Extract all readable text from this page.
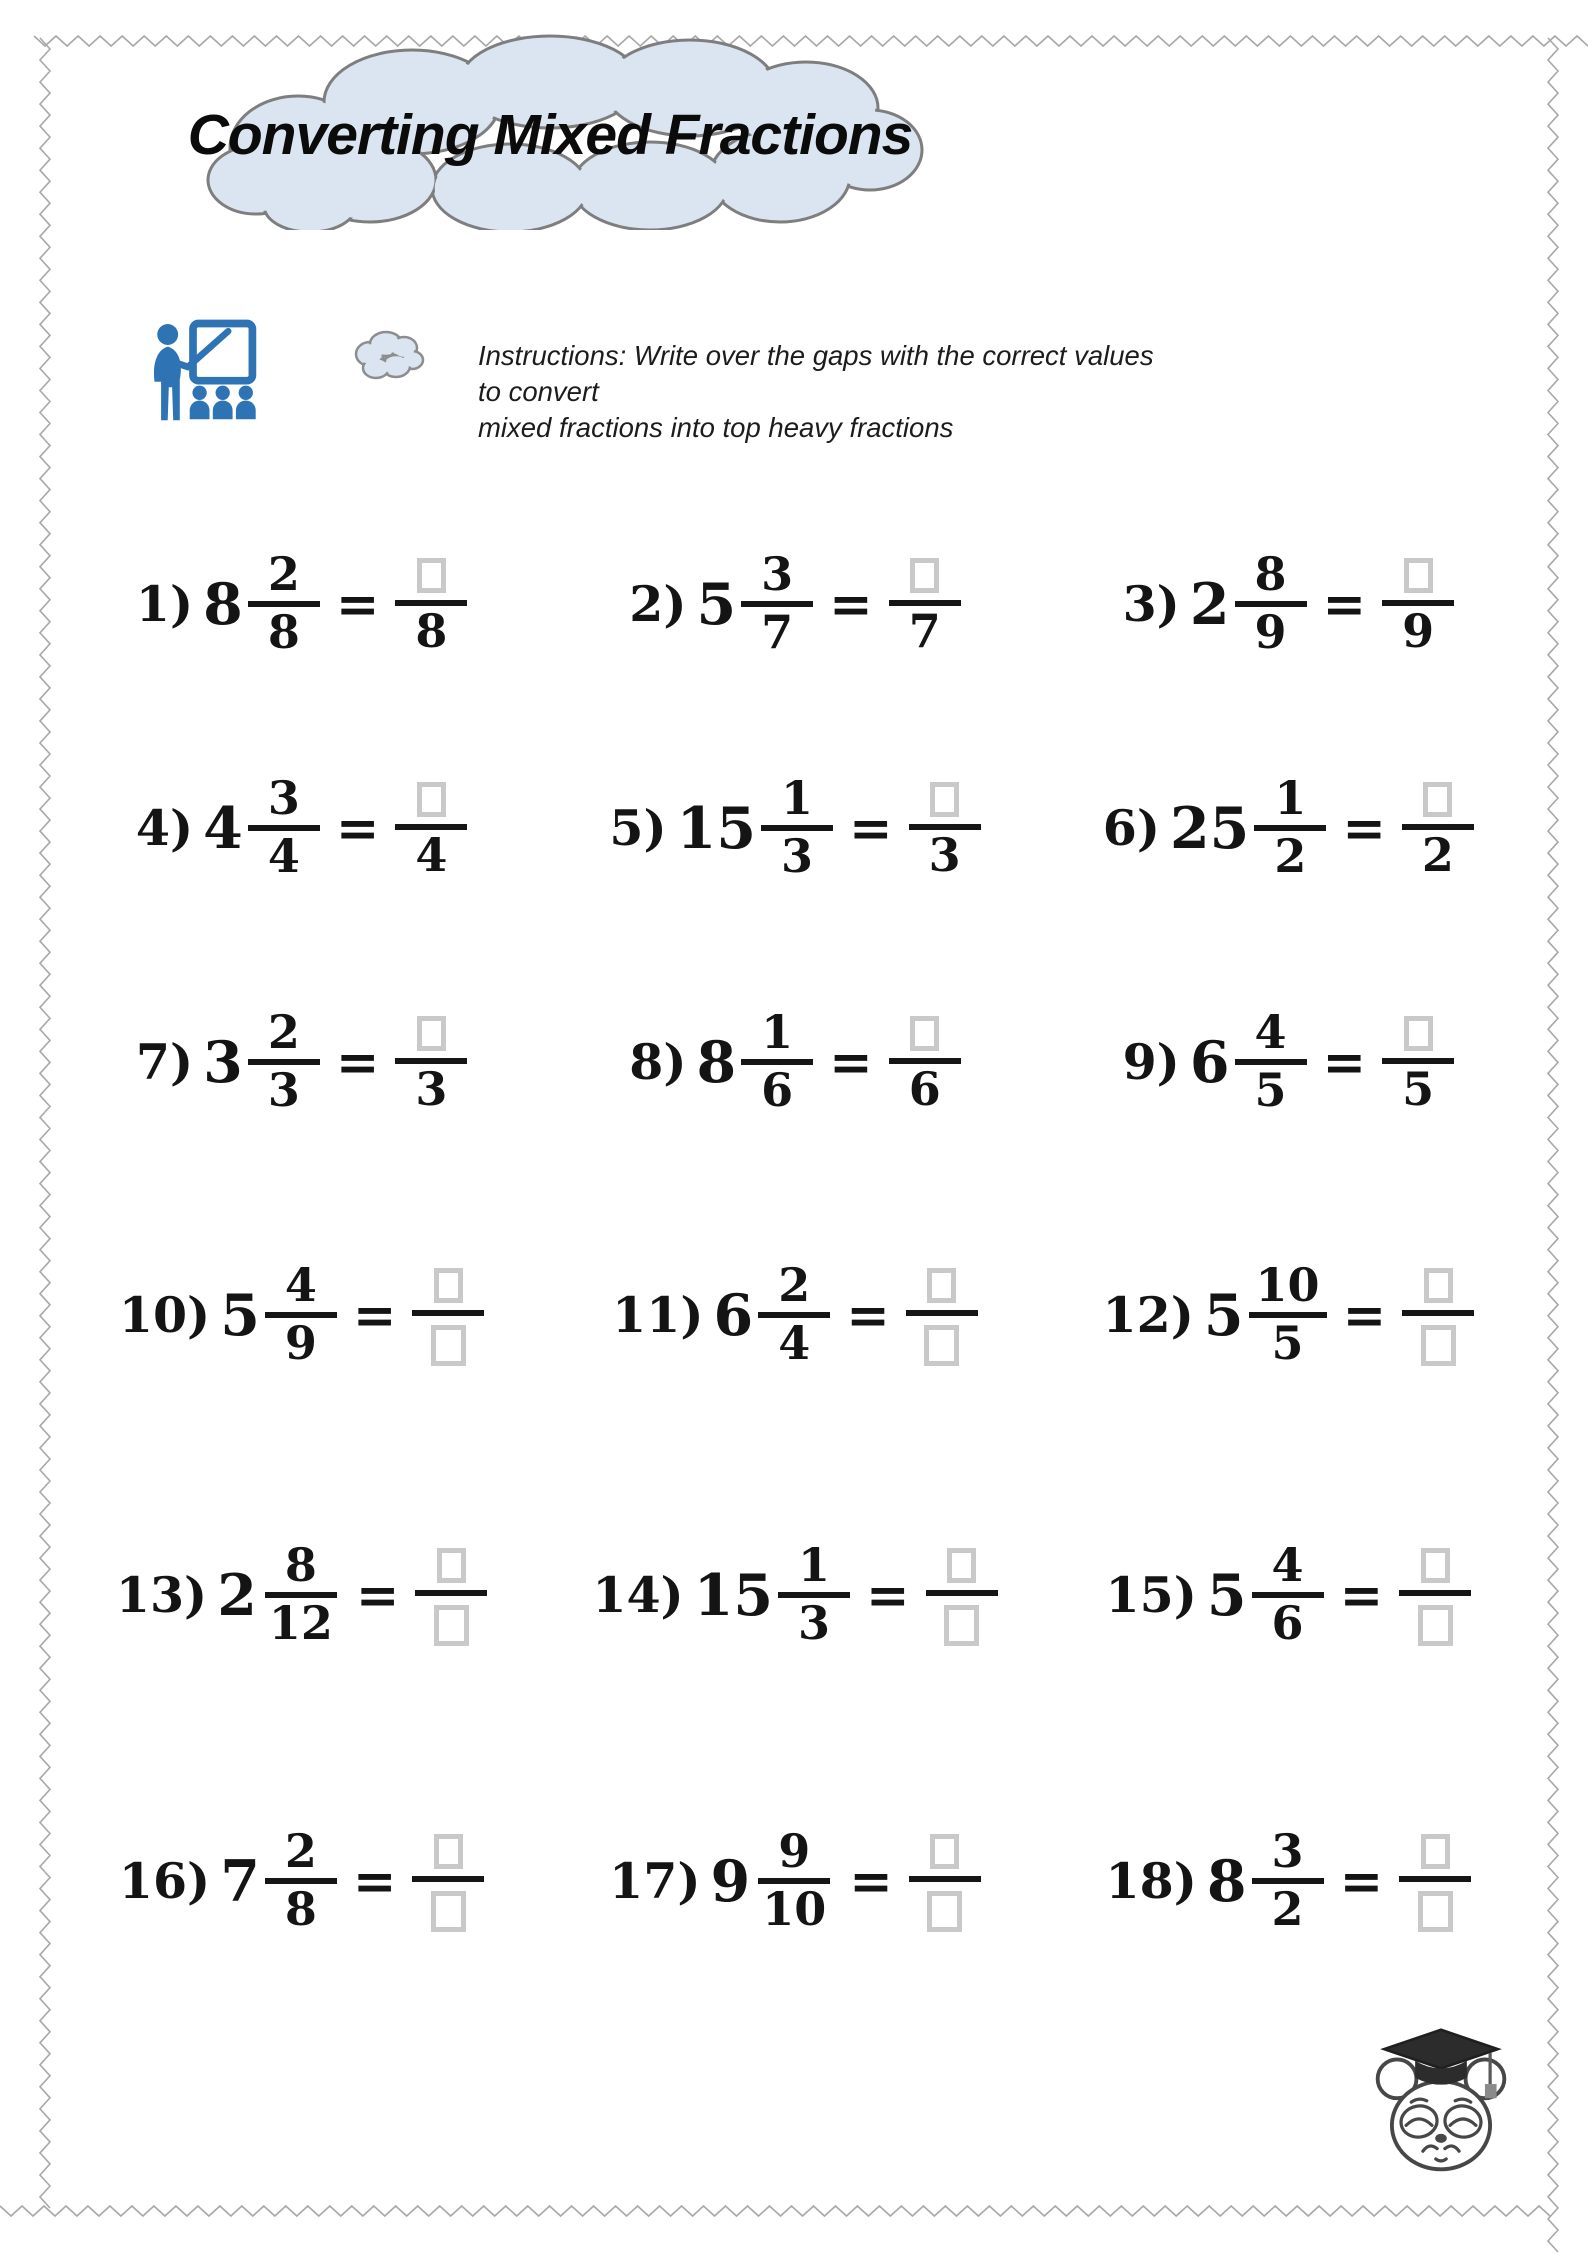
Converting Mixed Fractions
Instructions: Write over the gaps with the correct values to convert
mixed fractions into top heavy fractions
1) $8 \frac{2}{8} = 8$	2) $5 \frac{3}{7} = 7$	3) $2 \frac{8}{9} = 9$
4) $4 \frac{3}{4} = 4$	5) $15 \frac{1}{3} = 3$	6) $25 \frac{1}{2} = 2$
7) $3 \frac{2}{3} = 3$	8) $8 \frac{1}{6} = 6$	9) $6 \frac{4}{5} = 5$
10) $5 \frac{4}{9}$ =	11) $6 \frac{2}{4}$ =	12) $5 \frac{10}{5}$ =
13) $2 \frac{8}{12}$ =	14) $15 \frac{1}{3}$ =	15) $5 \frac{4}{6}$ =
16) $7 \frac{2}{8}$ =	17) $9 \frac{9}{10}$ =	18) $8 \frac{3}{2}$ =
